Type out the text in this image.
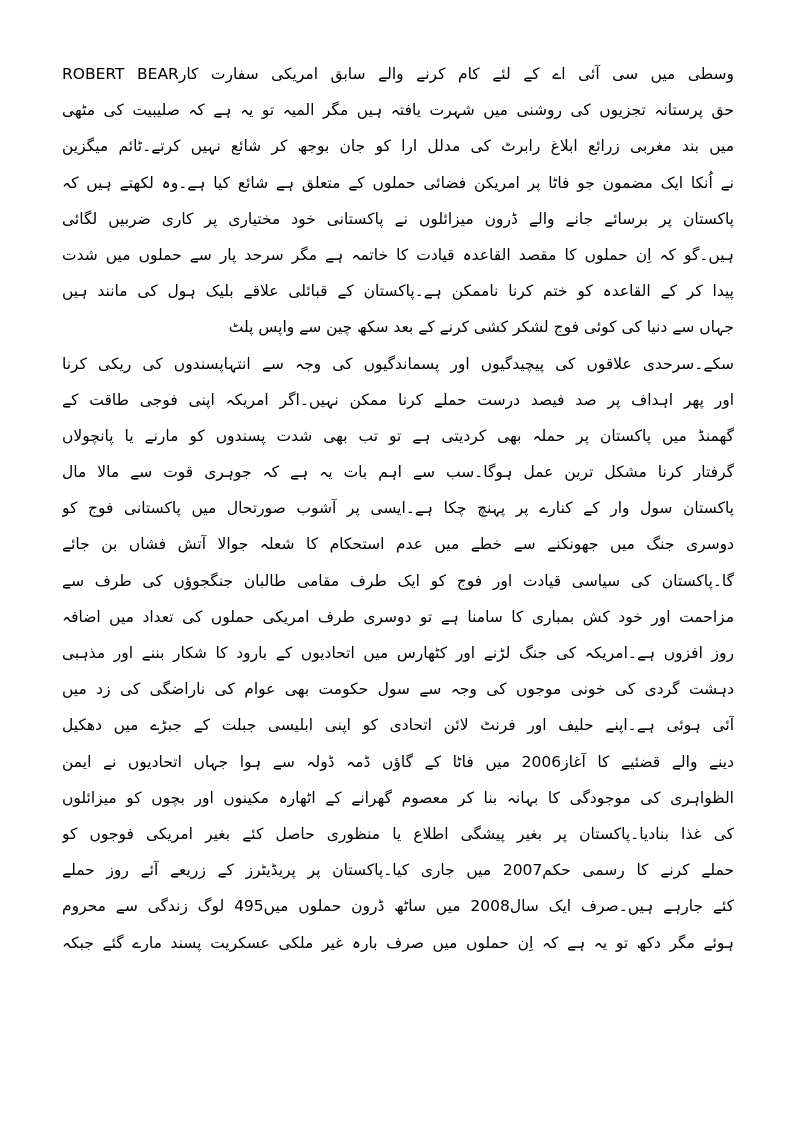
ROBERT BEARوسطی میں سی آئی اے کے لئے کام کرنے والے سابق امریکی سفارت کار
حق پرستانہ تجزیوں کی روشنی میں شہرت یافتہ ہیں مگر المیہ تو یہ ہے کہ صلیبیت کی مٹھی
میں بند مغربی زرائع ابلاغ رابرٹ کی مدلل ارا کو جان بوجھ کر شائع نہیں کرتے۔ٹائم میگزین
نے اُنکا ایک مضمون جو فاٹا پر امریکن فضائی حملوں کے متعلق ہے شائع کیا ہے۔وہ لکھتے ہیں کہ
پاکستان پر برسائے جانے والے ڈرون میزائلوں نے پاکستانی خود مختیاری پر کاری ضربیں لگائی
ہیں۔گو کہ اِن حملوں کا مقصد القاعدہ قیادت کا خاتمہ ہے مگر سرحد پار سے حملوں میں شدت
پیدا کر کے القاعدہ کو ختم کرنا ناممکن ہے۔پاکستان کے قبائلی علاقے بلیک ہول کی مانند ہیں
جہاں سے دنیا کی کوئی فوج لشکر کشی کرنے کے بعد سکھ چین سے واپس پلٹ
سکے۔سرحدی علاقوں کی پیچیدگیوں اور پسماندگیوں کی وجہ سے انتہاپسندوں کی ریکی کرنا
اور پھر اہداف پر صد فیصد درست حملے کرنا ممکن نہیں۔اگر امریکہ اپنی فوجی طاقت کے
گھمنڈ میں پاکستان پر حملہ بھی کردیتی ہے تو تب بھی شدت پسندوں کو مارنے یا پانچولاں
گرفتار کرنا مشکل ترین عمل ہوگا۔سب سے اہم بات یہ ہے کہ جوہری قوت سے مالا مال
پاکستان سول وار کے کنارے پر پہنچ چکا ہے۔ایسی پر آشوب صورتحال میں پاکستانی فوج کو
دوسری جنگ میں جھونکنے سے خطے میں عدم استحکام کا شعلہ جوالا آتش فشاں بن جائے
گا۔پاکستان کی سیاسی قیادت اور فوج کو ایک طرف مقامی طالبان جنگجوؤں کی طرف سے
مزاحمت اور خود کش بمباری کا سامنا ہے تو دوسری طرف امریکی حملوں کی تعداد میں اضافہ
روز افزوں ہے۔امریکہ کی جنگ لڑنے اور کٹھارس میں اتحادیوں کے بارود کا شکار بننے اور مذہبی
دہشت گردی کی خونی موجوں کی وجہ سے سول حکومت بھی عوام کی ناراضگی کی زد میں
آئی ہوئی ہے۔اپنے حلیف اور فرنٹ لائن اتحادی کو اپنی ابلیسی جبلت کے جبڑے میں دھکیل
دینے والے قضئیے کا آغاز2006 میں فاٹا کے گاؤں ڈمہ ڈولہ سے ہوا جہاں اتحادیوں نے ایمن
الظواہری کی موجودگی کا بہانہ بنا کر معصوم گھرانے کے اٹھارہ مکینوں اور بچوں کو میزائلوں
کی غذا بنادیا۔پاکستان پر بغیر پیشگی اطلاع یا منظوری حاصل کئے بغیر امریکی فوجوں کو
حملے کرنے کا رسمی حکم2007 میں جاری کیا۔پاکستان پر پریڈیٹرز کے زریعے آئے روز حملے
کئے جارہے ہیں۔صرف ایک سال2008 میں ساٹھ ڈرون حملوں میں495 لوگ زندگی سے محروم
ہوئے مگر دکھ تو یہ ہے کہ اِن حملوں میں صرف بارہ غیر ملکی عسکریت پسند مارے گئے جبکہ
